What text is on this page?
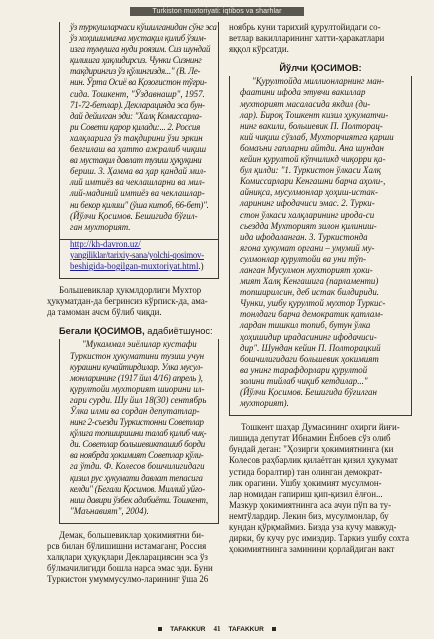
Turkiston muxtoriyati: iqtibos va sharhlar
ўз туркушларчаси кўшилганидан сўнг эса
ўз хоҳишимизча мустақил қилиб ўзим-
изга тумушга нуди роязим. Сиз шундай
қилишга ҳақлидирсиз. Чунки Сизнинг
тақдирингиз ўз қўлингиздя..." (В. Ле-
нин. Ўрта Осиё ва Қозоғистон тўғри-
сида. Тошкент, "Ўздавнашр", 1957.
71-72-бетлар). Декларацияда эса бун-
дай дейилган эди: "Халқ Комиссарла-
ри Совети қарор қилади:... 2. Россия
халқларига ўз тақдирини ўзи эркин
белгилаш ва ҳатто ажралиб чиқиш
ва мустақил давлат тузиш ҳуқуқини
бериш. 3. Ҳамма ва ҳар қандай мил-
лий имтиёз ва чеклашларни ва мил-
лий-мадиний имтиёз ва чеклашлар-
ни бекор қилиш" (ўша китоб, 66-бет)".
(Йўлчи Қосимов. Бешигида бўғил-
ган мухторият.
http://kh-davron.uz/
yangiliklar/tarixiy-sana/yolchi-qosimov-
beshigida-bogilgan-muxtoriyat.html.)
Большевиклар ҳукмлдорлиги Мухтор
ҳукуматдан-да бегринсиз кўрписк-да, ама-
да тамоман ачсм бўлиб чиқди.
Бегали ҚОСИМОВ, адабиётшунос:
"Мукаммал эиёлилар кустафи
Туркистон ҳукуматини тузиш учун
курашни кучайтирдилар. Улка мусул-
монларининг (1917 йил 4/16) апрель ),
қурултойи мухторият шиорини ил-
гари сурди. Шу йил 18(30) сентябрь
Ўлка илми ва сордан депутатлар-
нинг 2-съезди Туркистонни Советлар
қўлига топширишни талаб қилиб чиқ-
ди. Советлар большевикташиб борди
ва ноябрда ҳокимият Советлар қўли-
га ўтди. Ф. Колесов бошчилигидаги
қизил рус ҳукумати давлат тепасига
келди" (Бегали Қосимов. Миллий уйғо-
ниш давири ўзбек адабиёти. Тошкент,
"Маънавият", 2004).
Демак, большевиклар ҳокимиятни би-
рсв билан бўлишишни истамаганг, Россия
халқлари ҳуқуқлари Декларациясин эса ўз
бўлмачилигиди бошла нарса эмас эди. Буни
Туркистон умуммусулмо-ларининг ўша 26
ноябрь куни тарихий қурултойидаги со-
ветлар вакилларининг хатти-ҳаракатлари
яққол кўрсатди.
Йўлчи ҚОСИМОВ:
"Қурултойда миллионларнинг ман-
фаатини ифода этувчи вакиллар
мухторият масаласида якдил (ди-
лар). Бироқ Тошкент кизил ҳукуматчи-
нинг вакили, большевик П. Полторац-
кий чиқиш сўзлаб, Мухторчиятга қарши
бомаъни гапларни айтди. Ана шундан
кейин қурултой кўпчиликд чиқорри қа-
бул қилди: "1. Туркистон ўлкаси Халқ
Комиссарлари Кенгашни барча аҳоли-,
айниқса, мусулмонлар ҳоҳиш-истак-
ларининг ифодачиси эмас. 2. Турки-
стон ўлкаси халқларининг ирода-си
сьездда Мухторият зилон қилиниш-
ида ифодаланган. 3. Туркистонда
ягона ҳукумат органи – умумий му-
сулмонлар қурултойи ва уни тўп-
ланган Мусулмон мухторият ҳоки-
мият Халқ Кенгашига (парламенти)
топширилсин, деб истак билдириди.
Чунки, ушбу қурултой мухтор Туркис-
тонлдаги барча демократик қатлам-
лардан тишкил топиб, бутун ўлка
ҳоҳишидир ирадасининг ифодачиси-
дир". Шундан кейин П. Полторацкий
бошчилигидаги большевик ҳокимият
ва унинг тарафдорлари қурултой
золини тийлаб чиқиб кетдилар..."
(Йўлчи Қосимов. Бешигида бўғилган
мухторият).
Тошкент шаҳар Думасининг охирги йиғи-
лишида депутат Ибнамин Ёнбоев сўз олиб
бундай деган: "Ҳозирги ҳокимиятнинга (ки
Колесов раҳбарлик қилаётган қизил ҳукумат
устида боралтир) тан олинган демократ-
лик орагини. Ушбу ҳокимият мусулмон-
лар номидан гапириш қип-қизил ёлғон...
Мазкур ҳокимиятнинга аса ачуи пўп ва ту-
немтўлардир. Лекин биз, мусулмонлар, бу
кундан қўрқмаймиз. Бизда уза кучу мавжуд-
дирки, бу кучу рус имиздир. Таркиз ушбу сохта
ҳокимиятнинга заминини қорлайдиган вакт
TAFAKKUR 41 TAFAKKUR
